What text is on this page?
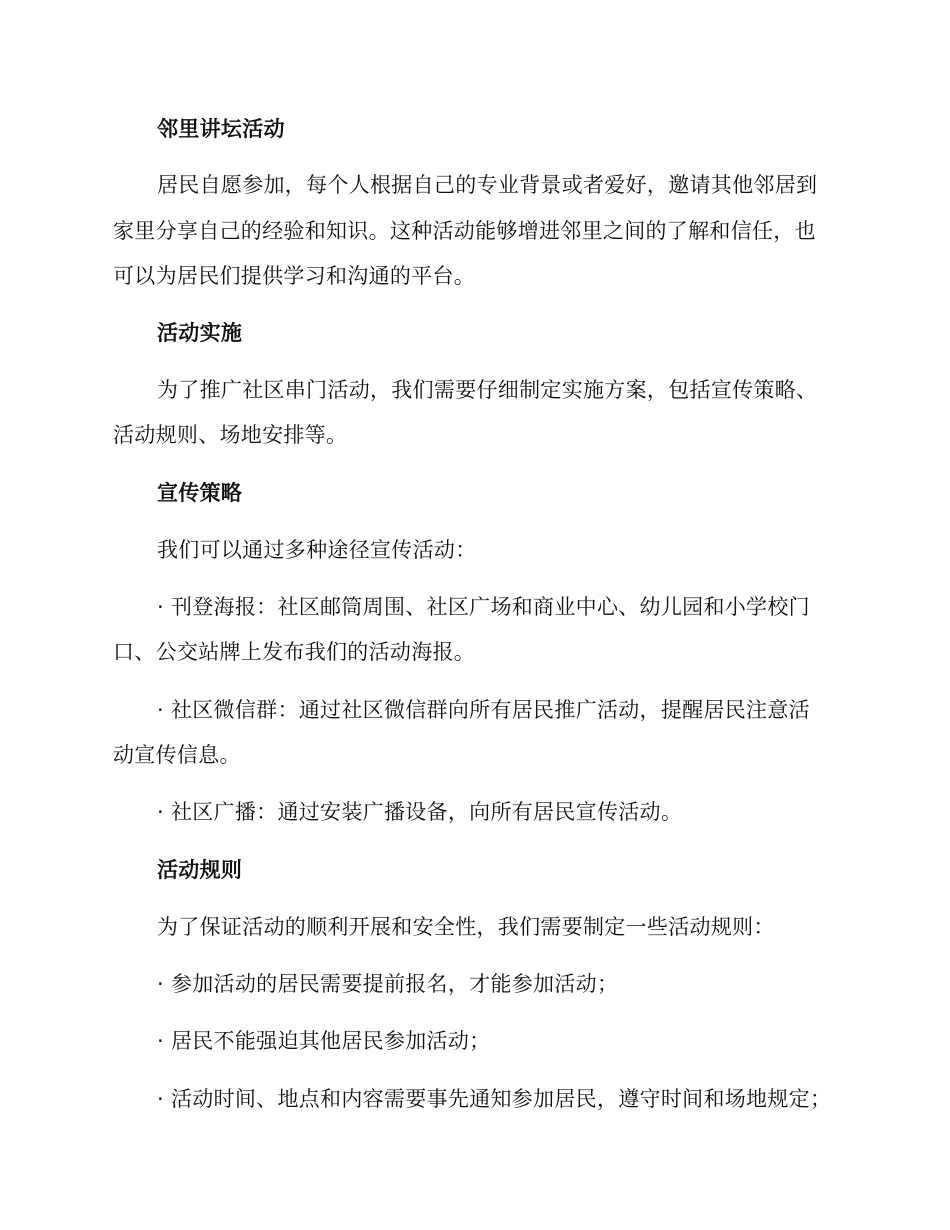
邻里讲坛活动
居民自愿参加，每个人根据自己的专业背景或者爱好，邀请其他邻居到
家里分享自己的经验和知识。这种活动能够增进邻里之间的了解和信任，也
可以为居民们提供学习和沟通的平台。
活动实施
为了推广社区串门活动，我们需要仔细制定实施方案，包括宣传策略、
活动规则、场地安排等。
宣传策略
我们可以通过多种途径宣传活动：
· 刊登海报：社区邮筒周围、社区广场和商业中心、幼儿园和小学校门
口、公交站牌上发布我们的活动海报。
· 社区微信群：通过社区微信群向所有居民推广活动，提醒居民注意活
动宣传信息。
· 社区广播：通过安装广播设备，向所有居民宣传活动。
活动规则
为了保证活动的顺利开展和安全性，我们需要制定一些活动规则：
· 参加活动的居民需要提前报名，才能参加活动；
· 居民不能强迫其他居民参加活动；
· 活动时间、地点和内容需要事先通知参加居民，遵守时间和场地规定；
